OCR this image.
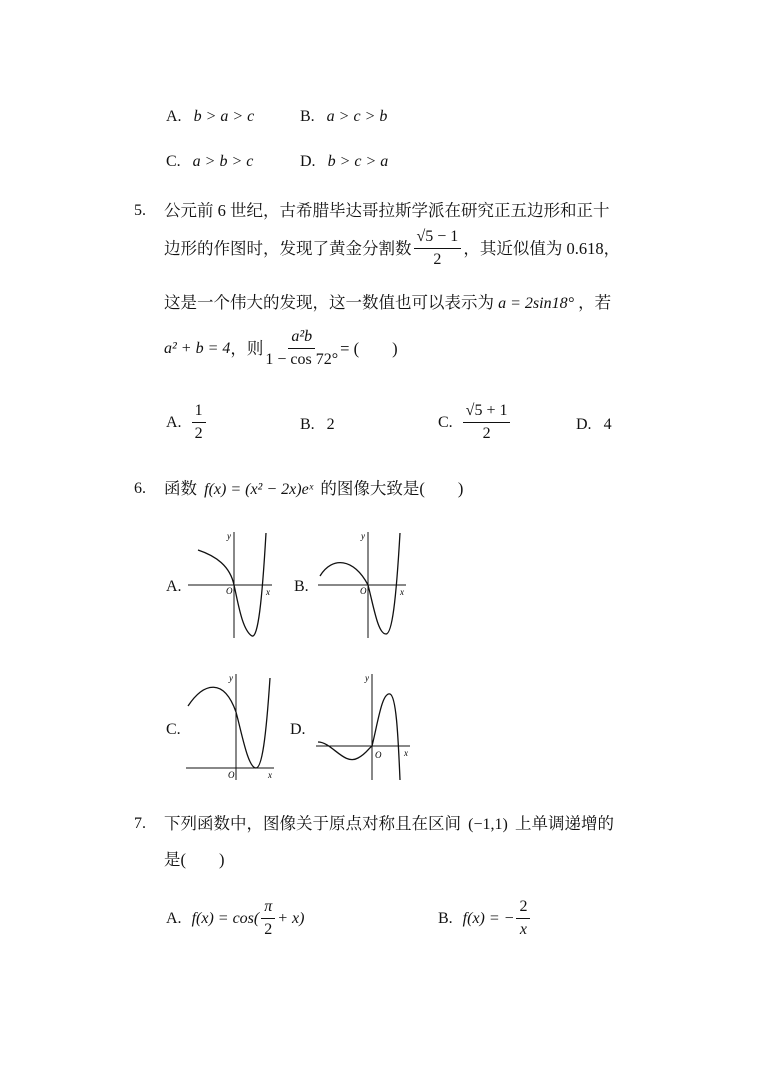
A. b > a > c	B. a > c > b
C. a > b > c	D. b > c > a
5. 公元前 6 世纪，古希腊毕达哥拉斯学派在研究正五边形和正十
边形的作图时，发现了黄金分割数 $\frac{√5 - 1}{2}$ ，其近似值为 0.618，
这是一个伟大的发现，这一数值也可以表示为 a = 2sin18° ，若
a² + b = 4 ，则 $\frac{\text{a²b}}{1 - \cos 72^\circ}$ = (　　)
A. $\frac{1}{2}$	B. 2	C. $\frac{√5 + 1}{2}$	D. 4
6. 函数 f(x) = (x² − 2x)eˣ 的图像大致是(　　)
A.	B.
C.	D.
y
x
O
y
x
O
y
x
O
y
x
O
7. 下列函数中，图像关于原点对称且在区间 (−1,1) 上单调递增的
是(　　)
A. $f(x) = \cos( \frac{\pi}{2} + x)$	B. f(x) = − $\frac{2}{x}$
